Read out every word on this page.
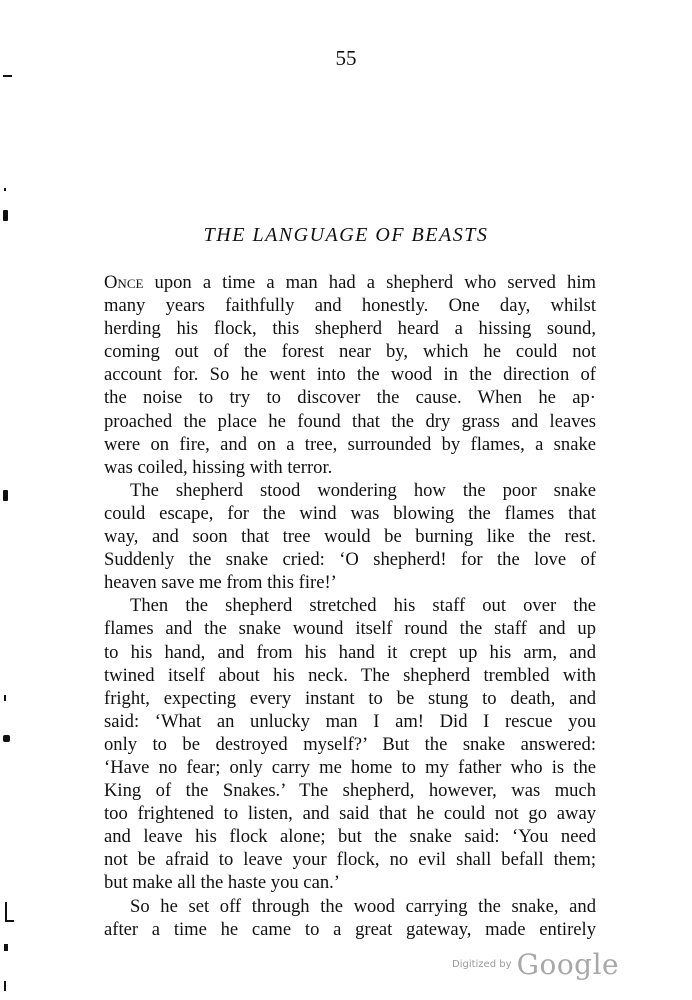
55
THE LANGUAGE OF BEASTS
Once upon a time a man had a shepherd who served him
many years faithfully and honestly. One day, whilst
herding his flock, this shepherd heard a hissing sound,
coming out of the forest near by, which he could not
account for. So he went into the wood in the direction of
the noise to try to discover the cause. When he ap·
proached the place he found that the dry grass and leaves
were on fire, and on a tree, surrounded by flames, a snake
was coiled, hissing with terror.
The shepherd stood wondering how the poor snake
could escape, for the wind was blowing the flames that
way, and soon that tree would be burning like the rest.
Suddenly the snake cried: ‘O shepherd! for the love of
heaven save me from this fire!’
Then the shepherd stretched his staff out over the
flames and the snake wound itself round the staff and up
to his hand, and from his hand it crept up his arm, and
twined itself about his neck. The shepherd trembled with
fright, expecting every instant to be stung to death, and
said: ‘What an unlucky man I am! Did I rescue you
only to be destroyed myself?’ But the snake answered:
‘Have no fear; only carry me home to my father who is the
King of the Snakes.’ The shepherd, however, was much
too frightened to listen, and said that he could not go away
and leave his flock alone; but the snake said: ‘You need
not be afraid to leave your flock, no evil shall befall them;
but make all the haste you can.’
So he set off through the wood carrying the snake, and
after a time he came to a great gateway, made entirely
Digitized by Google
